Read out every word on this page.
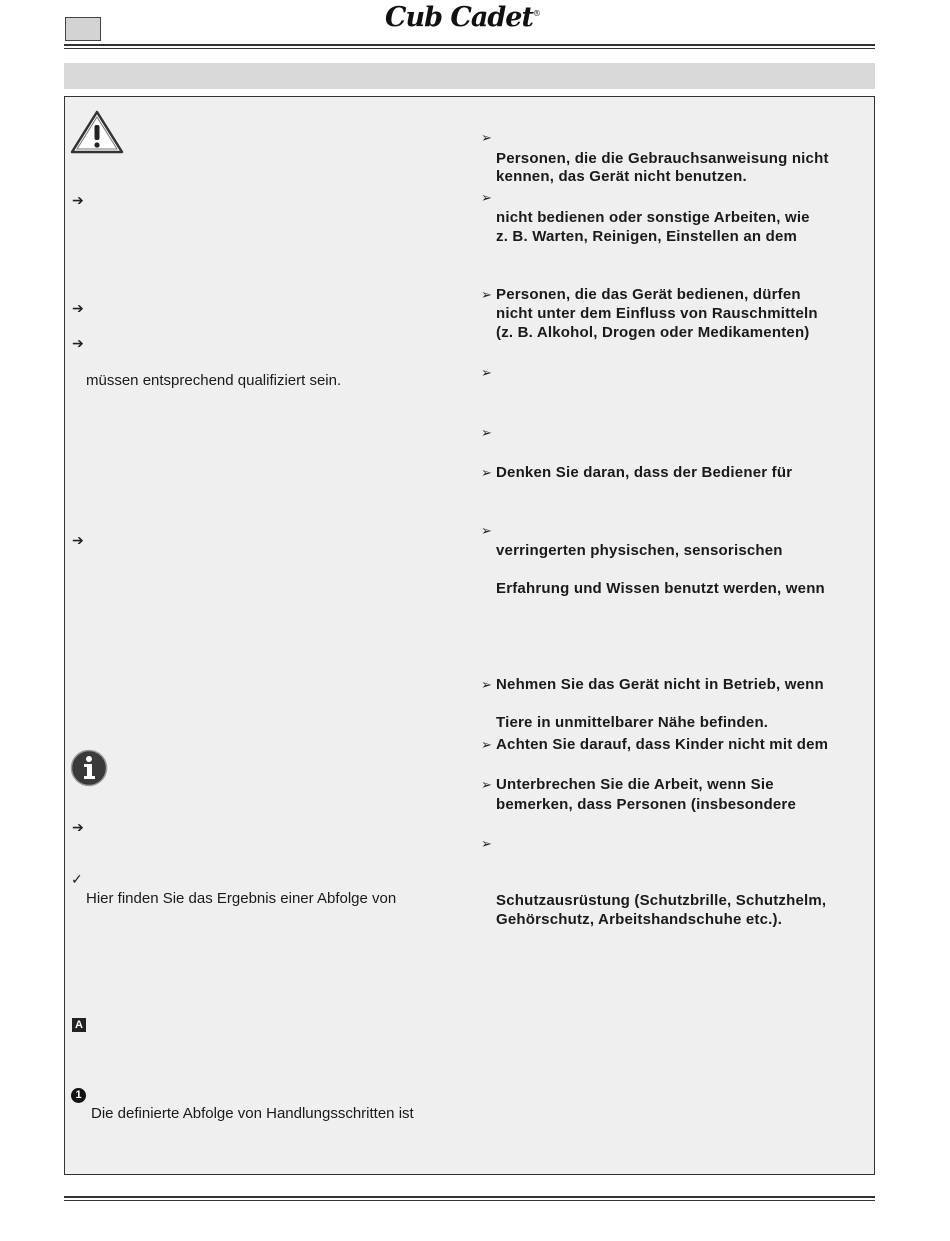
Cub Cadet®
➔
➔
➔
müssen entsprechend qualifiziert sein.
➔
➔
✓
Hier finden Sie das Ergebnis einer Abfolge von
A
1
Die definierte Abfolge von Handlungsschritten ist
➢
Personen, die die Gebrauchsanweisung nicht
kennen, das Gerät nicht benutzen.
➢
nicht bedienen oder sonstige Arbeiten, wie
z. B. Warten, Reinigen, Einstellen an dem
➢ Personen, die das Gerät bedienen, dürfen
nicht unter dem Einfluss von Rauschmitteln
(z. B. Alkohol, Drogen oder Medikamenten)
➢
➢
➢ Denken Sie daran, dass der Bediener für
➢
verringerten physischen, sensorischen
Erfahrung und Wissen benutzt werden, wenn
➢ Nehmen Sie das Gerät nicht in Betrieb, wenn
Tiere in unmittelbarer Nähe befinden.
➢ Achten Sie darauf, dass Kinder nicht mit dem
➢ Unterbrechen Sie die Arbeit, wenn Sie
bemerken, dass Personen (insbesondere
➢
Schutzausrüstung (Schutzbrille, Schutzhelm,
Gehörschutz, Arbeitshandschuhe etc.).
